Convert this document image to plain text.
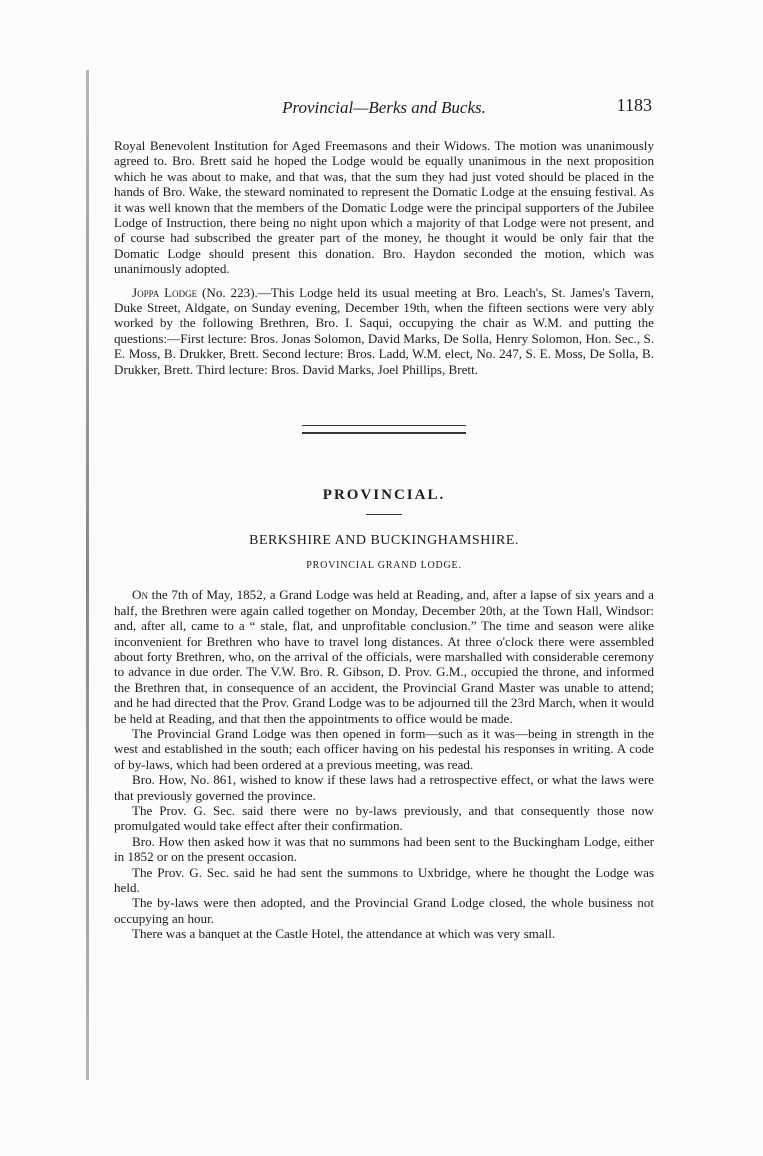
Provincial—Berks and Bucks.	1183

Royal Benevolent Institution for Aged Freemasons and their Widows. The motion was unanimously agreed to. Bro. Brett said he hoped the Lodge would be equally unanimous in the next proposition which he was about to make, and that was, that the sum they had just voted should be placed in the hands of Bro. Wake, the steward nominated to represent the Domatic Lodge at the ensuing festival. As it was well known that the members of the Domatic Lodge were the principal supporters of the Jubilee Lodge of Instruction, there being no night upon which a majority of that Lodge were not present, and of course had subscribed the greater part of the money, he thought it would be only fair that the Domatic Lodge should present this donation. Bro. Haydon seconded the motion, which was unanimously adopted.

Joppa Lodge (No. 223).—This Lodge held its usual meeting at Bro. Leach's, St. James's Tavern, Duke Street, Aldgate, on Sunday evening, December 19th, when the fifteen sections were very ably worked by the following Brethren, Bro. I. Saqui, occupying the chair as W.M. and putting the questions:—First lecture: Bros. Jonas Solomon, David Marks, De Solla, Henry Solomon, Hon. Sec., S. E. Moss, B. Drukker, Brett. Second lecture: Bros. Ladd, W.M. elect, No. 247, S. E. Moss, De Solla, B. Drukker, Brett. Third lecture: Bros. David Marks, Joel Phillips, Brett.

PROVINCIAL.
BERKSHIRE AND BUCKINGHAMSHIRE.
PROVINCIAL GRAND LODGE.

On the 7th of May, 1852, a Grand Lodge was held at Reading, and, after a lapse of six years and a half, the Brethren were again called together on Monday, December 20th, at the Town Hall, Windsor: and, after all, came to a “ stale, flat, and unprofitable conclusion.” The time and season were alike inconvenient for Brethren who have to travel long distances. At three o'clock there were assembled about forty Brethren, who, on the arrival of the officials, were marshalled with considerable ceremony to advance in due order. The V.W. Bro. R. Gibson, D. Prov. G.M., occupied the throne, and informed the Brethren that, in consequence of an accident, the Provincial Grand Master was unable to attend; and he had directed that the Prov. Grand Lodge was to be adjourned till the 23rd March, when it would be held at Reading, and that then the appointments to office would be made.

The Provincial Grand Lodge was then opened in form—such as it was—being in strength in the west and established in the south; each officer having on his pedestal his responses in writing. A code of by-laws, which had been ordered at a previous meeting, was read.

Bro. How, No. 861, wished to know if these laws had a retrospective effect, or what the laws were that previously governed the province.

The Prov. G. Sec. said there were no by-laws previously, and that consequently those now promulgated would take effect after their confirmation.

Bro. How then asked how it was that no summons had been sent to the Buckingham Lodge, either in 1852 or on the present occasion.

The Prov. G. Sec. said he had sent the summons to Uxbridge, where he thought the Lodge was held.

The by-laws were then adopted, and the Provincial Grand Lodge closed, the whole business not occupying an hour.

There was a banquet at the Castle Hotel, the attendance at which was very small.
